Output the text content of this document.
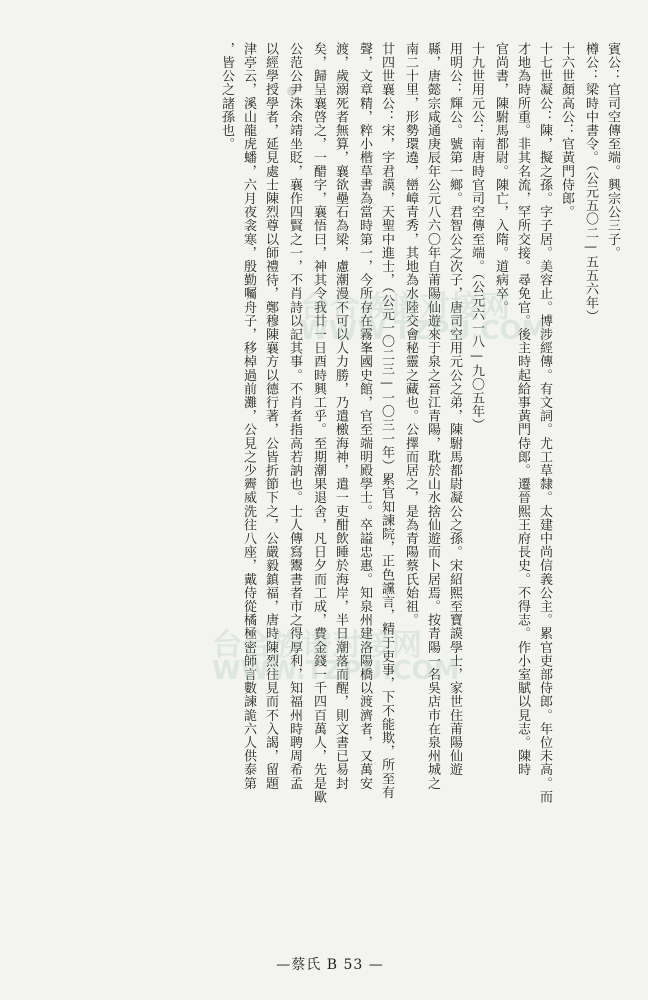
賓公：官司空傳至端。興宗公三子。
樽公：梁時中書令。（公元五〇二—五五六年）
十六世顏高公：官黃門侍郎。
十七世凝公：陳，擬之孫。字子居。美容止。博涉經傳。有文詞。尤工草隸。太建中尚信義公主。累官吏部侍郎。年位未高。而
才地為時所重。非其名流，罕所交接。尋免官。後主時起給事黃門侍郎。遷晉熙王府長史。不得志。作小室賦以見志。陳時
官尚書，陳駙馬都尉。陳亡，入隋。道病卒。
十九世用元公：南唐時官司空傳至端。（公元六一八—九〇五年）
用明公：輝公。號第一鄉。君智公之次子，唐司空用元公之弟，陳駙馬都尉凝公之孫。宋紹熙至寶謨學士，家世住莆陽仙遊
縣，唐懿宗咸通庚辰年公元八六〇年自莆陽仙遊來于泉之晉江青陽，耽於山水捨仙遊而卜居焉。按青陽一名吳店市在泉州城之
南二十里，形勢環遶，巒嶂青秀，其地為水陸交會秘靈之藏也。公擇而居之，是為青陽蔡氏始祖。
廿四世襄公：宋，字君謨，天聖中進士，（公元一〇二三—一〇三一年）累官知諫院，正色讜言，精于吏事，下不能欺，所至有
聲，文章精，粹小楷草書為當時第一，今所存在霧峯國史館，官至端明殿學士。卒謚忠惠。知泉州建洛陽橋以渡濟者，又萬安
渡，歲溺死者無算，襄欲壘石為梁，慮潮漫不可以人力勝，乃遣檄海神，遣一吏酣飲睡於海岸，半日潮落而醒，則文書已易封
矣，歸呈襄啓之，一醋字，襄悟曰，神其令我廿一日酉時興工乎。至期潮果退舍，凡日夕而工成，費金錢一千四百萬人，先是歐
公范公尹洙余靖坐貶，襄作四賢之一，不肖詩以記其事。不肖者指高若訥也。士人傳寫鬻書者市之得厚利，知福州時聘周希孟
以經學授學者，延見處士陳烈尊以師禮待，鄭穆陳襄方以德行著，公皆折節下之，公嚴毅鎮福，唐時陳烈往見而不入謁，留題
津亭云，溪山龍虎蟠，六月夜衾寒，殷勤囑舟子，移棹過前灘，公見之少霽威洗往八座，戴侍從橘極密師言數諫詭六人供泰第
，皆公之諸孫也。
台合族谱对接网
WWW.TZPU.COM
台合族谱对接网
WWW.TZPU.COM
—蔡氏 B 53 —
